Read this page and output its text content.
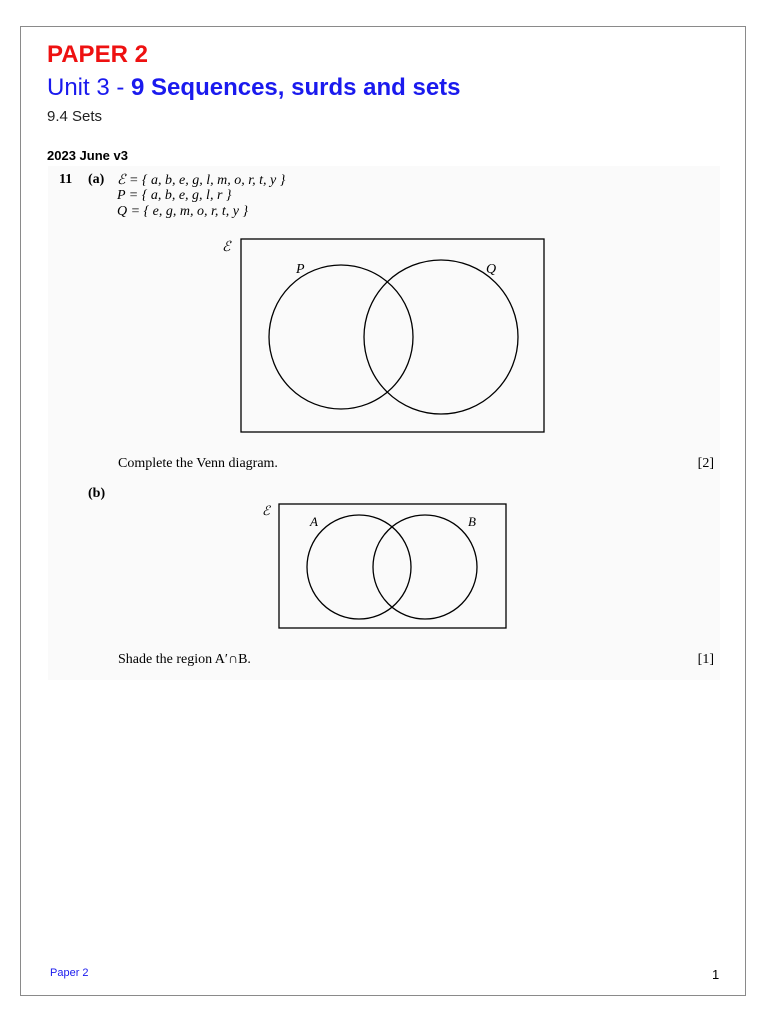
PAPER 2
Unit 3 - 9 Sequences, surds and sets
9.4 Sets
2023 June v3
11 (a) ℰ = { a, b, e, g, l, m, o, r, t, y }
P = { a, b, e, g, l, r }
Q = { e, g, m, o, r, t, y }
ℰ
P	Q
ℰ
A	B
Complete the Venn diagram.	[2]
(b)
Shade the region A′∩B.	[1]
Paper 2	1
